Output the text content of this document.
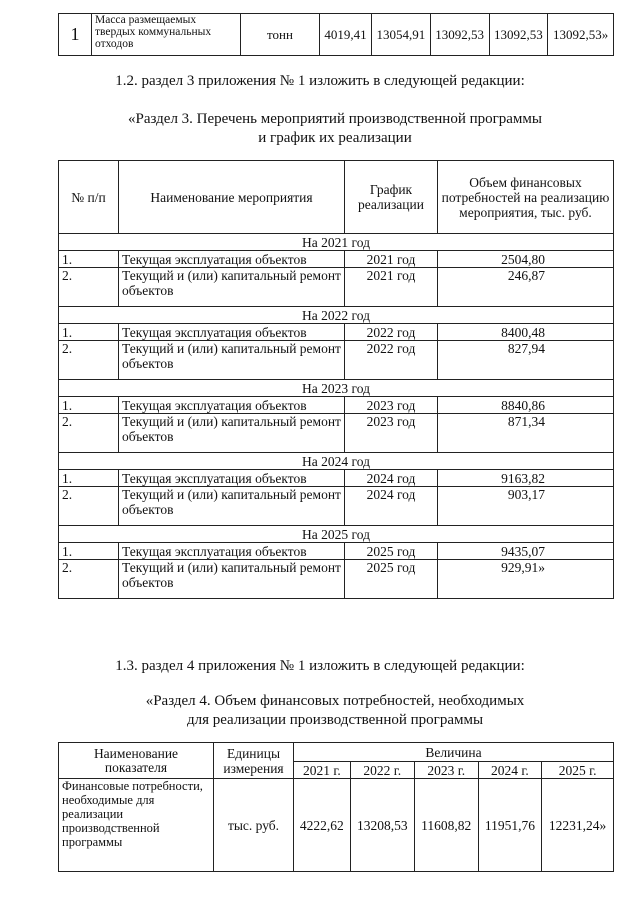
1	Масса размещаемых твердых коммунальных отходов	тонн	4019,41	13054,91	13092,53	13092,53	13092,53»

1.2. раздел 3 приложения № 1 изложить в следующей редакции:

«Раздел 3. Перечень мероприятий производственной программы
и график их реализации
№ п/п	Наименование мероприятия	График реализации	Объем финансовых потребностей на реализацию мероприятия, тыс. руб.
На 2021 год			
1.	Текущая эксплуатация объектов	2021 год	2504,80
2.	Текущий и (или) капитальный ремонт объектов	2021 год	246,87
На 2022 год			
1.	Текущая эксплуатация объектов	2022 год	8400,48
2.	Текущий и (или) капитальный ремонт объектов	2022 год	827,94
На 2023 год			
1.	Текущая эксплуатация объектов	2023 год	8840,86
2.	Текущий и (или) капитальный ремонт объектов	2023 год	871,34
На 2024 год			
1.	Текущая эксплуатация объектов	2024 год	9163,82
2.	Текущий и (или) капитальный ремонт объектов	2024 год	903,17
На 2025 год			
1.	Текущая эксплуатация объектов	2025 год	9435,07
2.	Текущий и (или) капитальный ремонт объектов	2025 год	929,91»

1.3. раздел 4 приложения № 1 изложить в следующей редакции:

«Раздел 4. Объем финансовых потребностей, необходимых
для реализации производственной программы
Наименование показателя	Единицы измерения	Величина				
		2021 г.	2022 г.	2023 г.	2024 г.	2025 г.
Финансовые потребности, необходимые для реализации производственной программы	тыс. руб.	4222,62	13208,53	11608,82	11951,76	12231,24»
